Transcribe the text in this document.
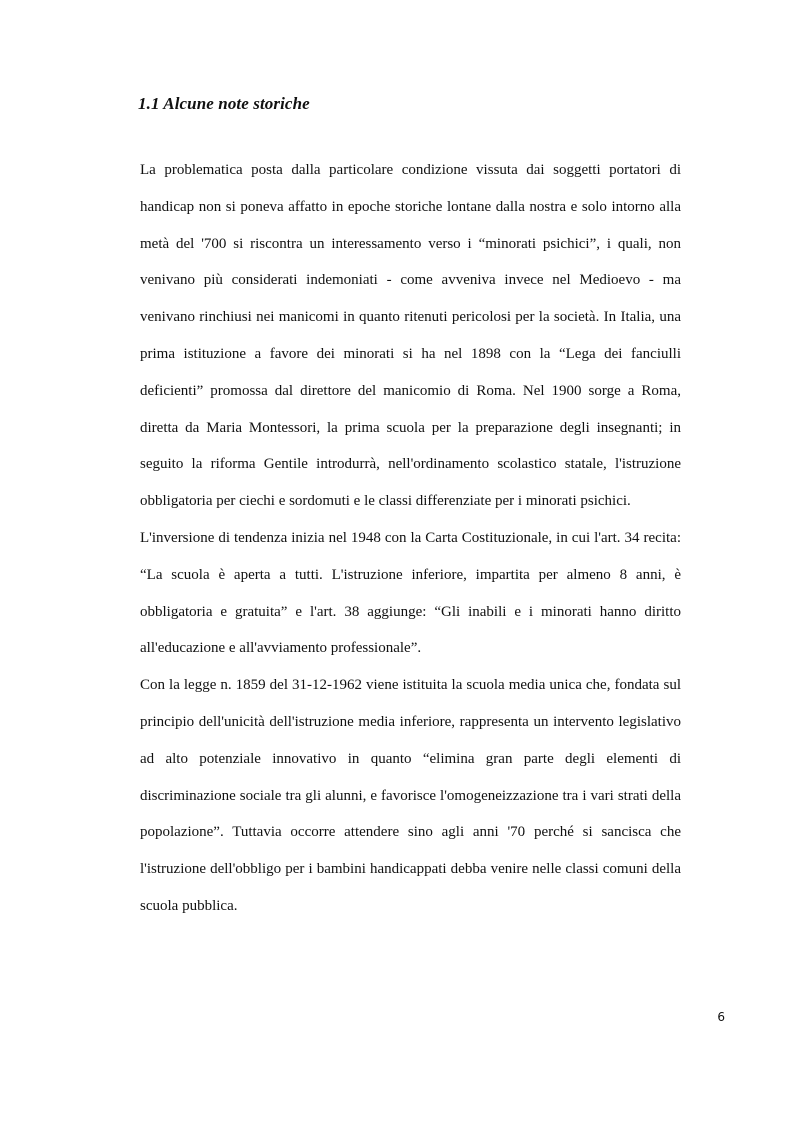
1.1 Alcune note storiche

La problematica posta dalla particolare condizione vissuta dai soggetti portatori di handicap non si poneva affatto in epoche storiche lontane dalla nostra e solo intorno alla metà del '700 si riscontra un interessamento verso i “minorati psichici”, i quali, non venivano più considerati indemoniati - come avveniva invece nel Medioevo - ma venivano rinchiusi nei manicomi in quanto ritenuti pericolosi per la società. In Italia, una prima istituzione a favore dei minorati si ha nel 1898 con la “Lega dei fanciulli deficienti” promossa dal direttore del manicomio di Roma. Nel 1900 sorge a Roma, diretta da Maria Montessori, la prima scuola per la preparazione degli insegnanti; in seguito la riforma Gentile introdurrà, nell'ordinamento scolastico statale, l'istruzione obbligatoria per ciechi e sordomuti e le classi differenziate per i minorati psichici.

L'inversione di tendenza inizia nel 1948 con la Carta Costituzionale, in cui l'art. 34 recita: “La scuola è aperta a tutti. L'istruzione inferiore, impartita per almeno 8 anni, è obbligatoria e gratuita” e l'art. 38 aggiunge: “Gli inabili e i minorati hanno diritto all'educazione e all'avviamento professionale”.

Con la legge n. 1859 del 31-12-1962 viene istituita la scuola media unica che, fondata sul principio dell'unicità dell'istruzione media inferiore, rappresenta un intervento legislativo ad alto potenziale innovativo in quanto “elimina gran parte degli elementi di discriminazione sociale tra gli alunni, e favorisce l'omogeneizzazione tra i vari strati della popolazione”. Tuttavia occorre attendere sino agli anni '70 perché si sancisca che l'istruzione dell'obbligo per i bambini handicappati debba venire nelle classi comuni della scuola pubblica.

6
